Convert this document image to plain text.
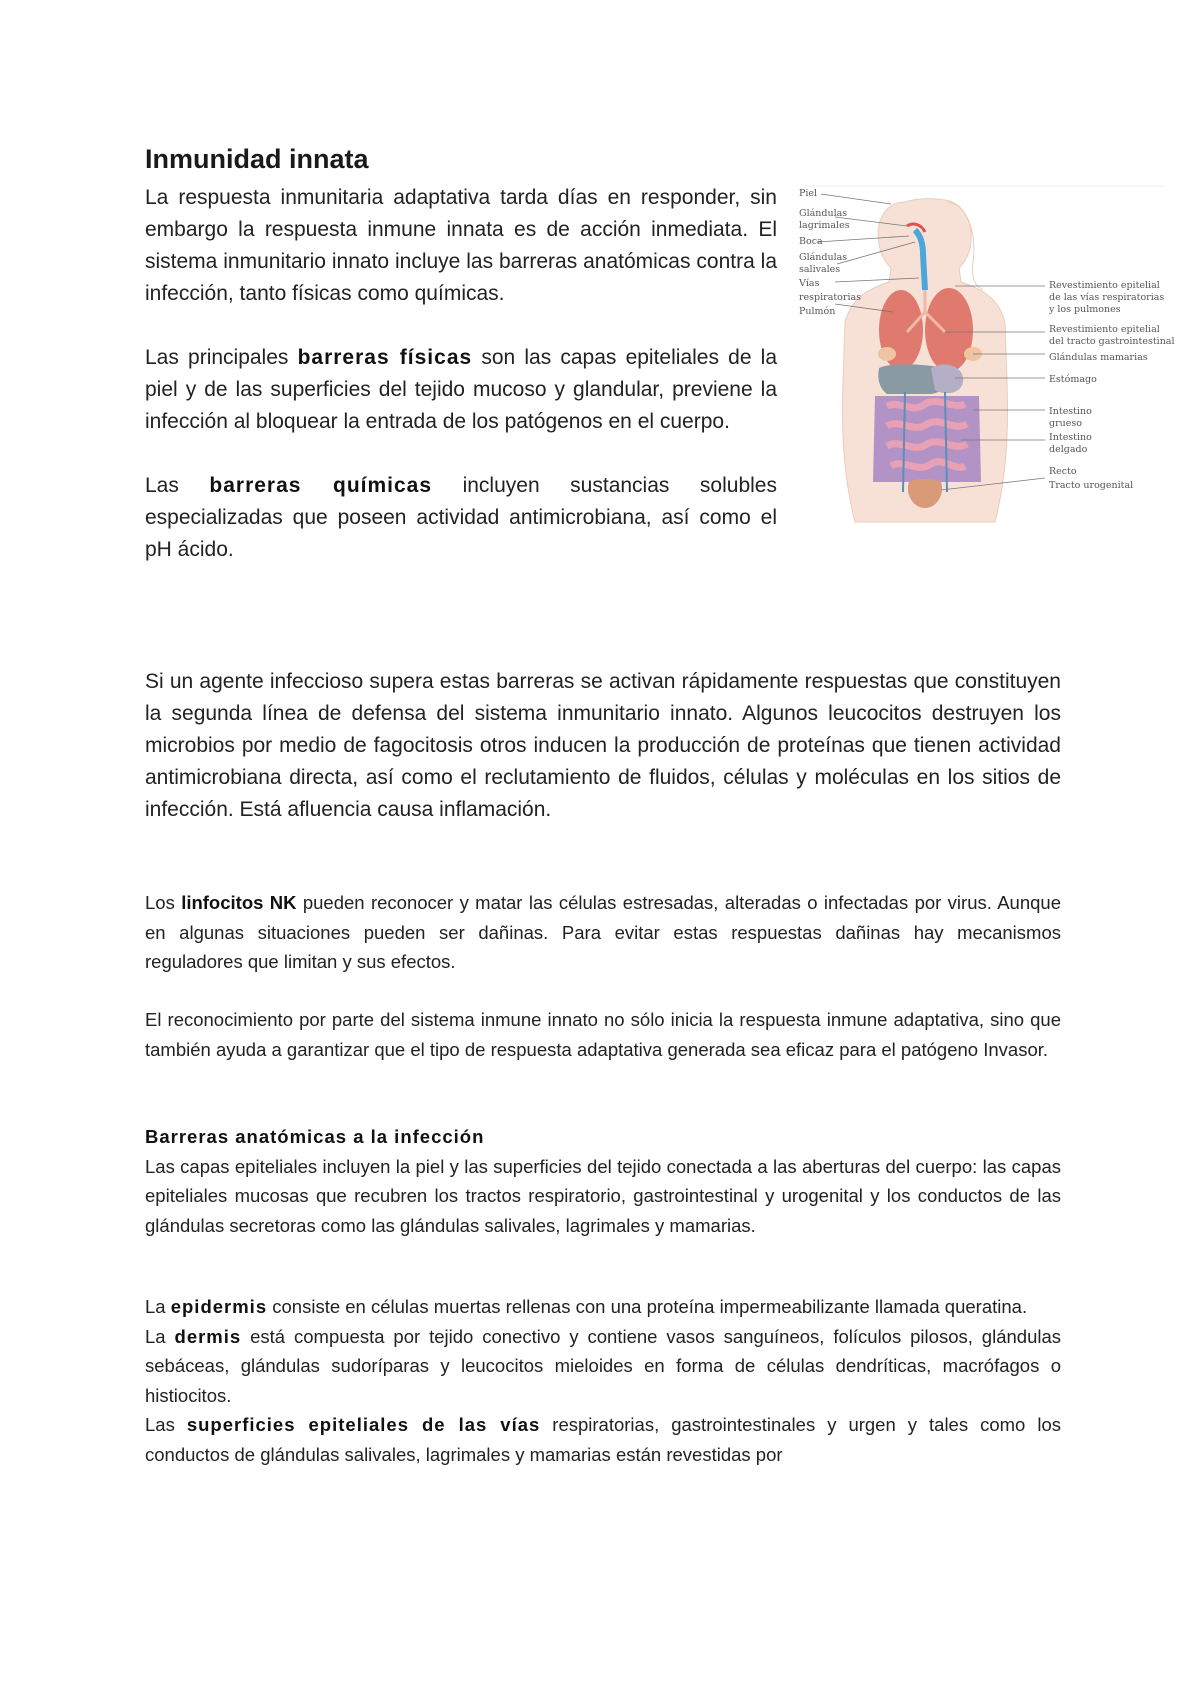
Inmunidad innata

La respuesta inmunitaria adaptativa tarda días en responder, sin embargo la respuesta inmune innata es de acción inmediata. El sistema inmunitario innato incluye las barreras anatómicas contra la infección, tanto físicas como químicas.

Las principales barreras físicas son las capas epiteliales de la piel y de las superficies del tejido mucoso y glandular, previene la infección al bloquear la entrada de los patógenos en el cuerpo.

Las barreras químicas incluyen sustancias solubles especializadas que poseen actividad antimicrobiana, así como el pH ácido.

Piel
Glándulas
lagrimales
Boca
Glándulas
salivales
Vías
respiratorias
Pulmón
Revestimiento epitelial
de las vías respiratorias
y los pulmones
Revestimiento epitelial
del tracto gastrointestinal
Glándulas mamarias
Estómago
Intestino
grueso
Intestino
delgado
Recto
Tracto urogenital

Si un agente infeccioso supera estas barreras se activan rápidamente respuestas que constituyen la segunda línea de defensa del sistema inmunitario innato. Algunos leucocitos destruyen los microbios por medio de fagocitosis otros inducen la producción de proteínas que tienen actividad antimicrobiana directa, así como el reclutamiento de fluidos, células y moléculas en los sitios de infección. Está afluencia causa inflamación.

Los linfocitos NK pueden reconocer y matar las células estresadas, alteradas o infectadas por virus. Aunque en algunas situaciones pueden ser dañinas. Para evitar estas respuestas dañinas hay mecanismos reguladores que limitan y sus efectos.

El reconocimiento por parte del sistema inmune innato no sólo inicia la respuesta inmune adaptativa, sino que también ayuda a garantizar que el tipo de respuesta adaptativa generada sea eficaz para el patógeno Invasor.

Barreras anatómicas a la infección

Las capas epiteliales incluyen la piel y las superficies del tejido conectada a las aberturas del cuerpo: las capas epiteliales mucosas que recubren los tractos respiratorio, gastrointestinal y urogenital y los conductos de las glándulas secretoras como las glándulas salivales, lagrimales y mamarias.

La epidermis consiste en células muertas rellenas con una proteína impermeabilizante llamada queratina.

La dermis está compuesta por tejido conectivo y contiene vasos sanguíneos, folículos pilosos, glándulas sebáceas, glándulas sudoríparas y leucocitos mieloides en forma de células dendríticas, macrófagos o histiocitos.

Las superficies epiteliales de las vías respiratorias, gastrointestinales y urgen y tales como los conductos de glándulas salivales, lagrimales y mamarias están revestidas por
